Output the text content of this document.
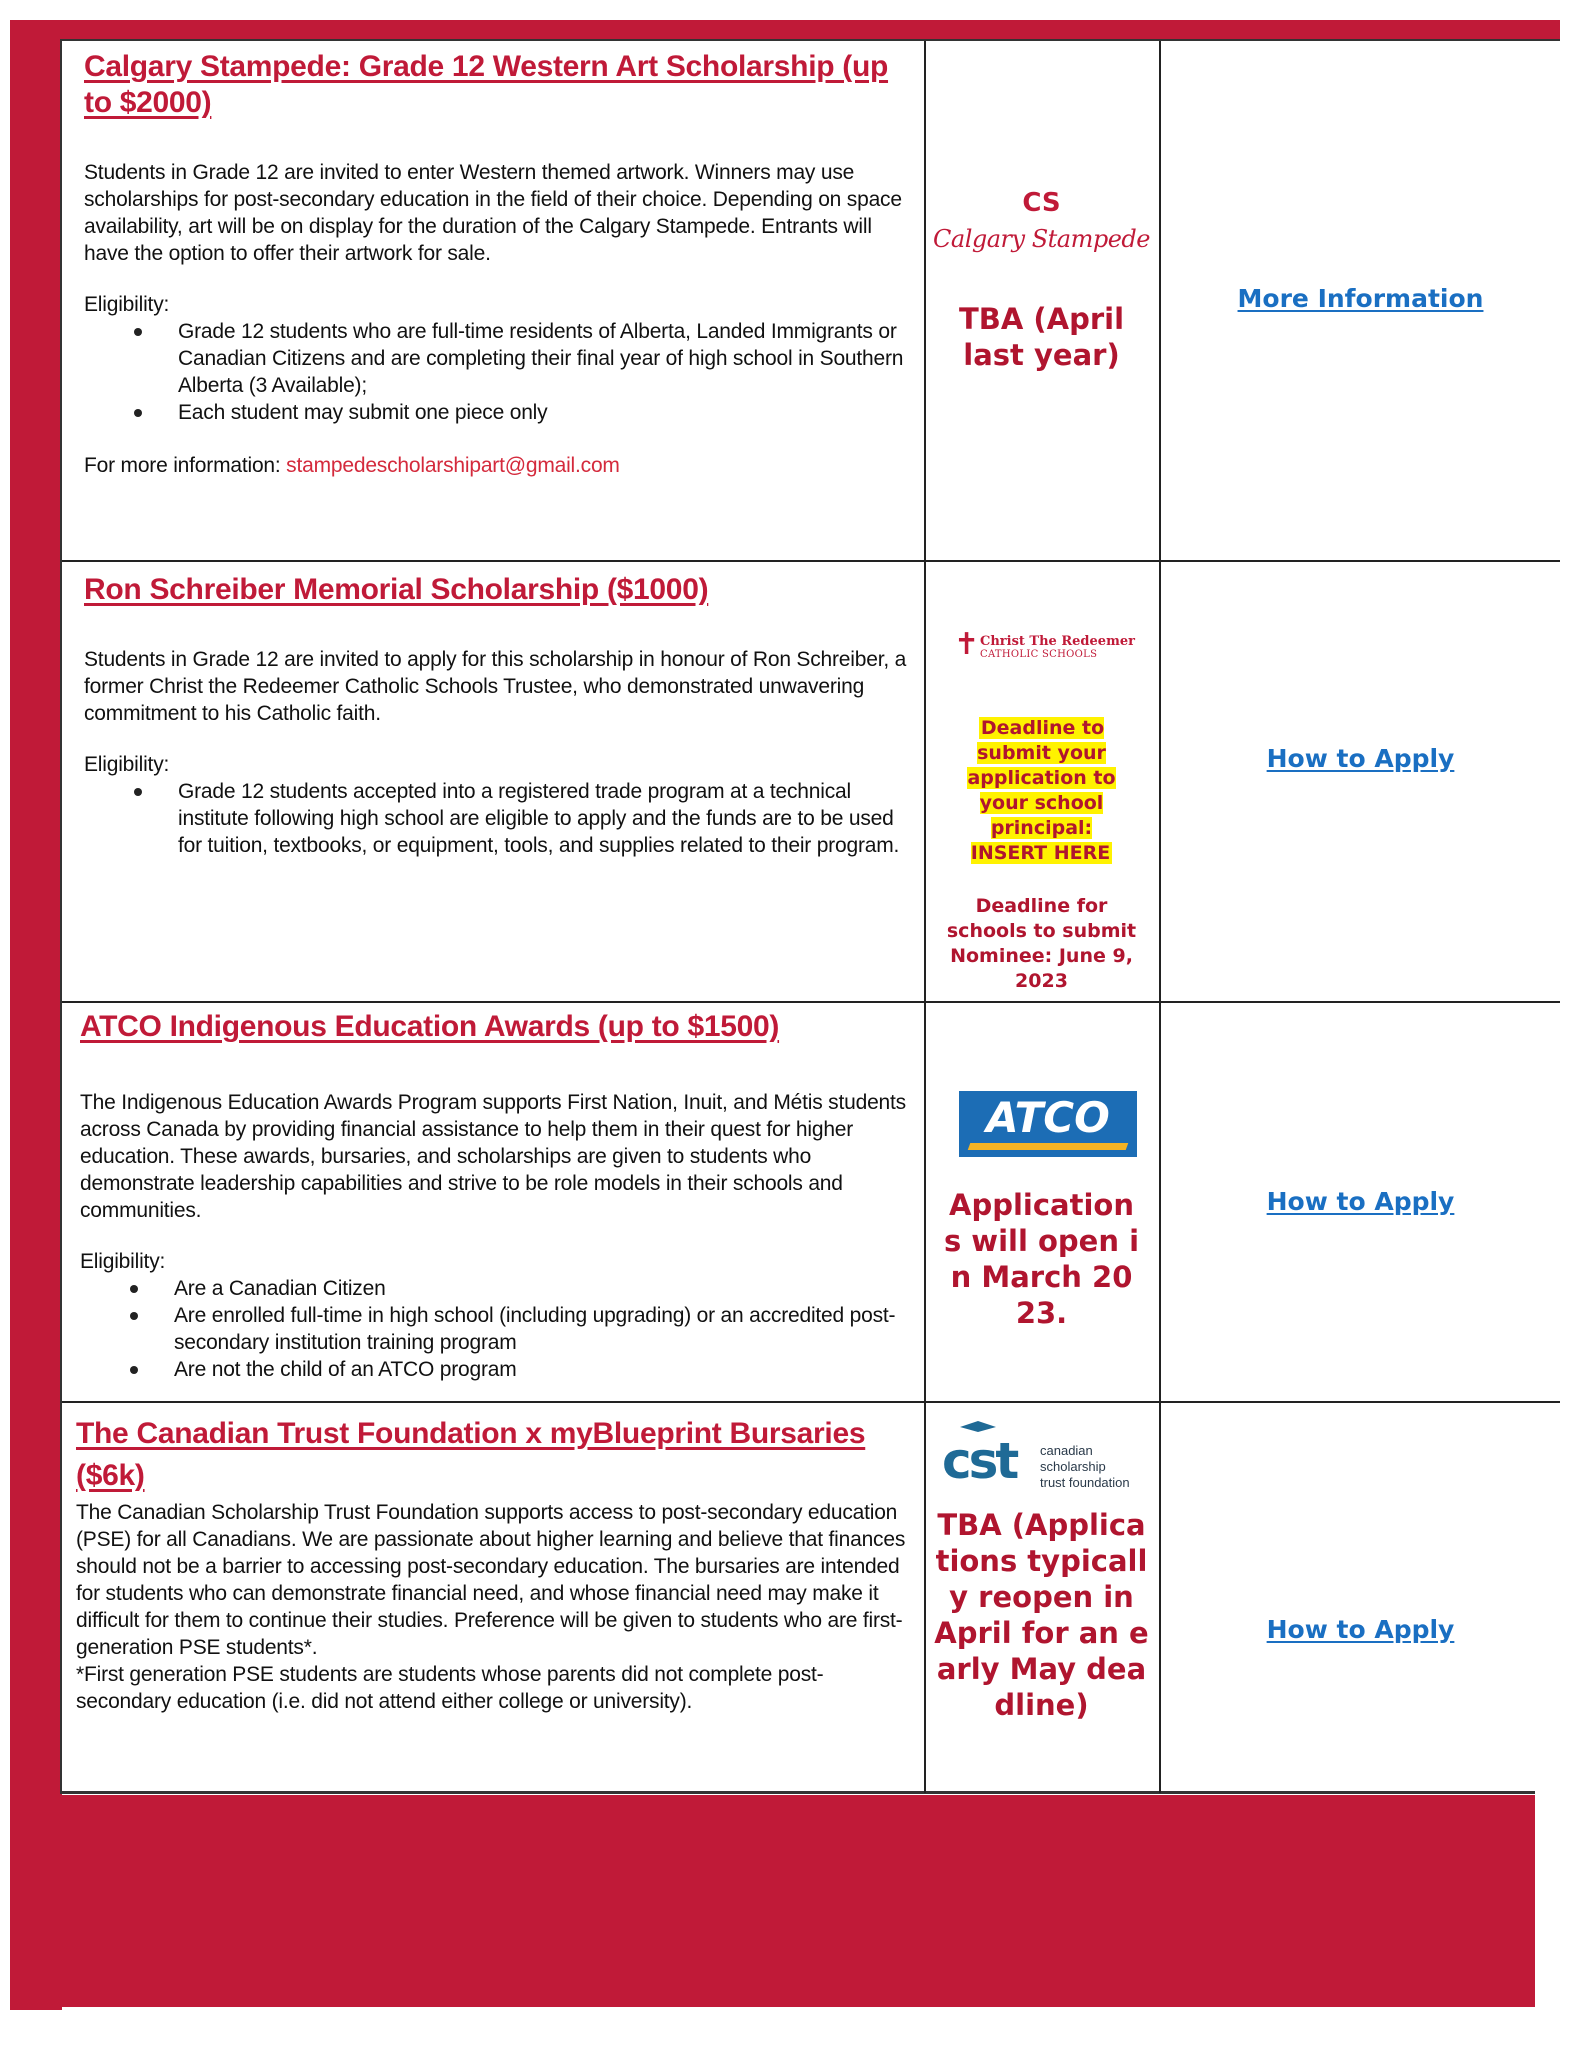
Calgary Stampede: Grade 12 Western Art Scholarship (up to $2000)

Students in Grade 12 are invited to enter Western themed artwork. Winners may use scholarships for post-secondary education in the field of their choice. Depending on space availability, art will be on display for the duration of the Calgary Stampede. Entrants will have the option to offer their artwork for sale.

Eligibility:

Grade 12 students who are full-time residents of Alberta, Landed Immigrants or Canadian Citizens and are completing their final year of high school in Southern Alberta (3 Available);
Each student may submit one piece only

For more information: stampedescholarshipart@gmail.com

CS
Calgary Stampede
TBA (April last year)
More Information
Ron Schreiber Memorial Scholarship ($1000)

Students in Grade 12 are invited to apply for this scholarship in honour of Ron Schreiber, a former Christ the Redeemer Catholic Schools Trustee, who demonstrated unwavering commitment to his Catholic faith.

Eligibility:

Grade 12 students accepted into a registered trade program at a technical institute following high school are eligible to apply and the funds are to be used for tuition, textbooks, or equipment, tools, and supplies related to their program.
✝ Christ The Redeemer
CATHOLIC SCHOOLS
Deadline to submit your application to your school principal: INSERT HERE
Deadline for schools to submit Nominee: June 9, 2023
How to Apply
ATCO Indigenous Education Awards (up to $1500)

The Indigenous Education Awards Program supports First Nation, Inuit, and Métis students across Canada by providing financial assistance to help them in their quest for higher education. These awards, bursaries, and scholarships are given to students who demonstrate leadership capabilities and strive to be role models in their schools and communities.

Eligibility:

Are a Canadian Citizen
Are enrolled full-time in high school (including upgrading) or an accredited post-secondary institution training program
Are not the child of an ATCO program
ATCO
Applications will open in March 2023.
How to Apply
The Canadian Trust Foundation x myBlueprint Bursaries ($6k)

The Canadian Scholarship Trust Foundation supports access to post-secondary education (PSE) for all Canadians. We are passionate about higher learning and believe that finances should not be a barrier to accessing post-secondary education. The bursaries are intended for students who can demonstrate financial need, and whose financial need may make it difficult for them to continue their studies. Preference will be given to students who are first-generation PSE students*.

*First generation PSE students are students whose parents did not complete post-secondary education (i.e. did not attend either college or university).

cst canadian
scholarship
trust foundation
TBA (Applications typically reopen in April for an early May deadline)
How to Apply
